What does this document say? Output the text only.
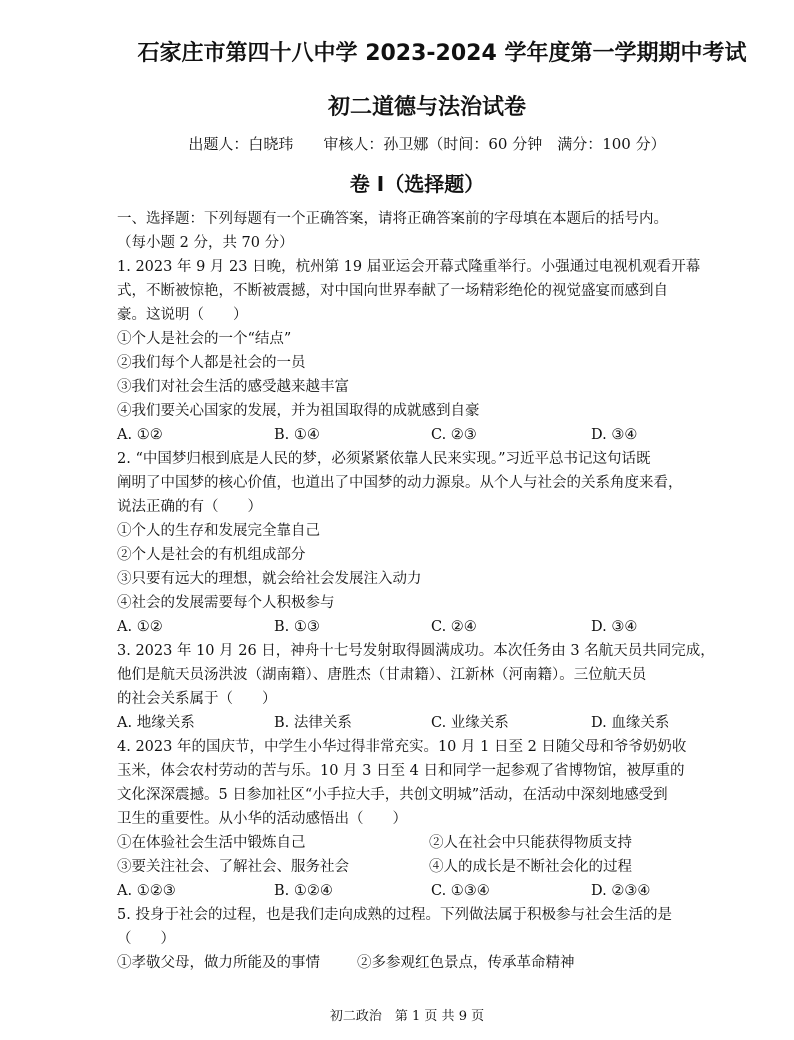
石家庄市第四十八中学 2023-2024 学年度第一学期期中考试
初二道德与法治试卷
出题人：白晓玮　　审核人：孙卫娜（时间：60 分钟　满分：100 分）
卷 I（选择题）
一、选择题：下列每题有一个正确答案，请将正确答案前的字母填在本题后的括号内。
（每小题 2 分，共 70 分）
1. 2023 年 9 月 23 日晚，杭州第 19 届亚运会开幕式隆重举行。小强通过电视机观看开幕
式，不断被惊艳，不断被震撼，对中国向世界奉献了一场精彩绝伦的视觉盛宴而感到自
豪。这说明（　　）
①个人是社会的一个“结点”
②我们每个人都是社会的一员
③我们对社会生活的感受越来越丰富
④我们要关心国家的发展，并为祖国取得的成就感到自豪
A. ①②	B. ①④	C. ②③	D. ③④
2. “中国梦归根到底是人民的梦，必须紧紧依靠人民来实现。”习近平总书记这句话既
阐明了中国梦的核心价值，也道出了中国梦的动力源泉。从个人与社会的关系角度来看，
说法正确的有（　　）
①个人的生存和发展完全靠自己
②个人是社会的有机组成部分
③只要有远大的理想，就会给社会发展注入动力
④社会的发展需要每个人积极参与
A. ①②	B. ①③	C. ②④	D. ③④
3. 2023 年 10 月 26 日，神舟十七号发射取得圆满成功。本次任务由 3 名航天员共同完成，
他们是航天员汤洪波（湖南籍）、唐胜杰（甘肃籍）、江新林（河南籍）。三位航天员
的社会关系属于（　　）
A. 地缘关系	B. 法律关系	C. 业缘关系	D. 血缘关系
4. 2023 年的国庆节，中学生小华过得非常充实。10 月 1 日至 2 日随父母和爷爷奶奶收
玉米，体会农村劳动的苦与乐。10 月 3 日至 4 日和同学一起参观了省博物馆，被厚重的
文化深深震撼。5 日参加社区“小手拉大手，共创文明城”活动，在活动中深刻地感受到
卫生的重要性。从小华的活动感悟出（　　）
①在体验社会生活中锻炼自己	②人在社会中只能获得物质支持
③要关注社会、了解社会、服务社会	④人的成长是不断社会化的过程
A. ①②③	B. ①②④	C. ①③④	D. ②③④
5. 投身于社会的过程，也是我们走向成熟的过程。下列做法属于积极参与社会生活的是
（　　）
①孝敬父母，做力所能及的事情	②多参观红色景点，传承革命精神
初二政治　第 1 页 共 9 页
